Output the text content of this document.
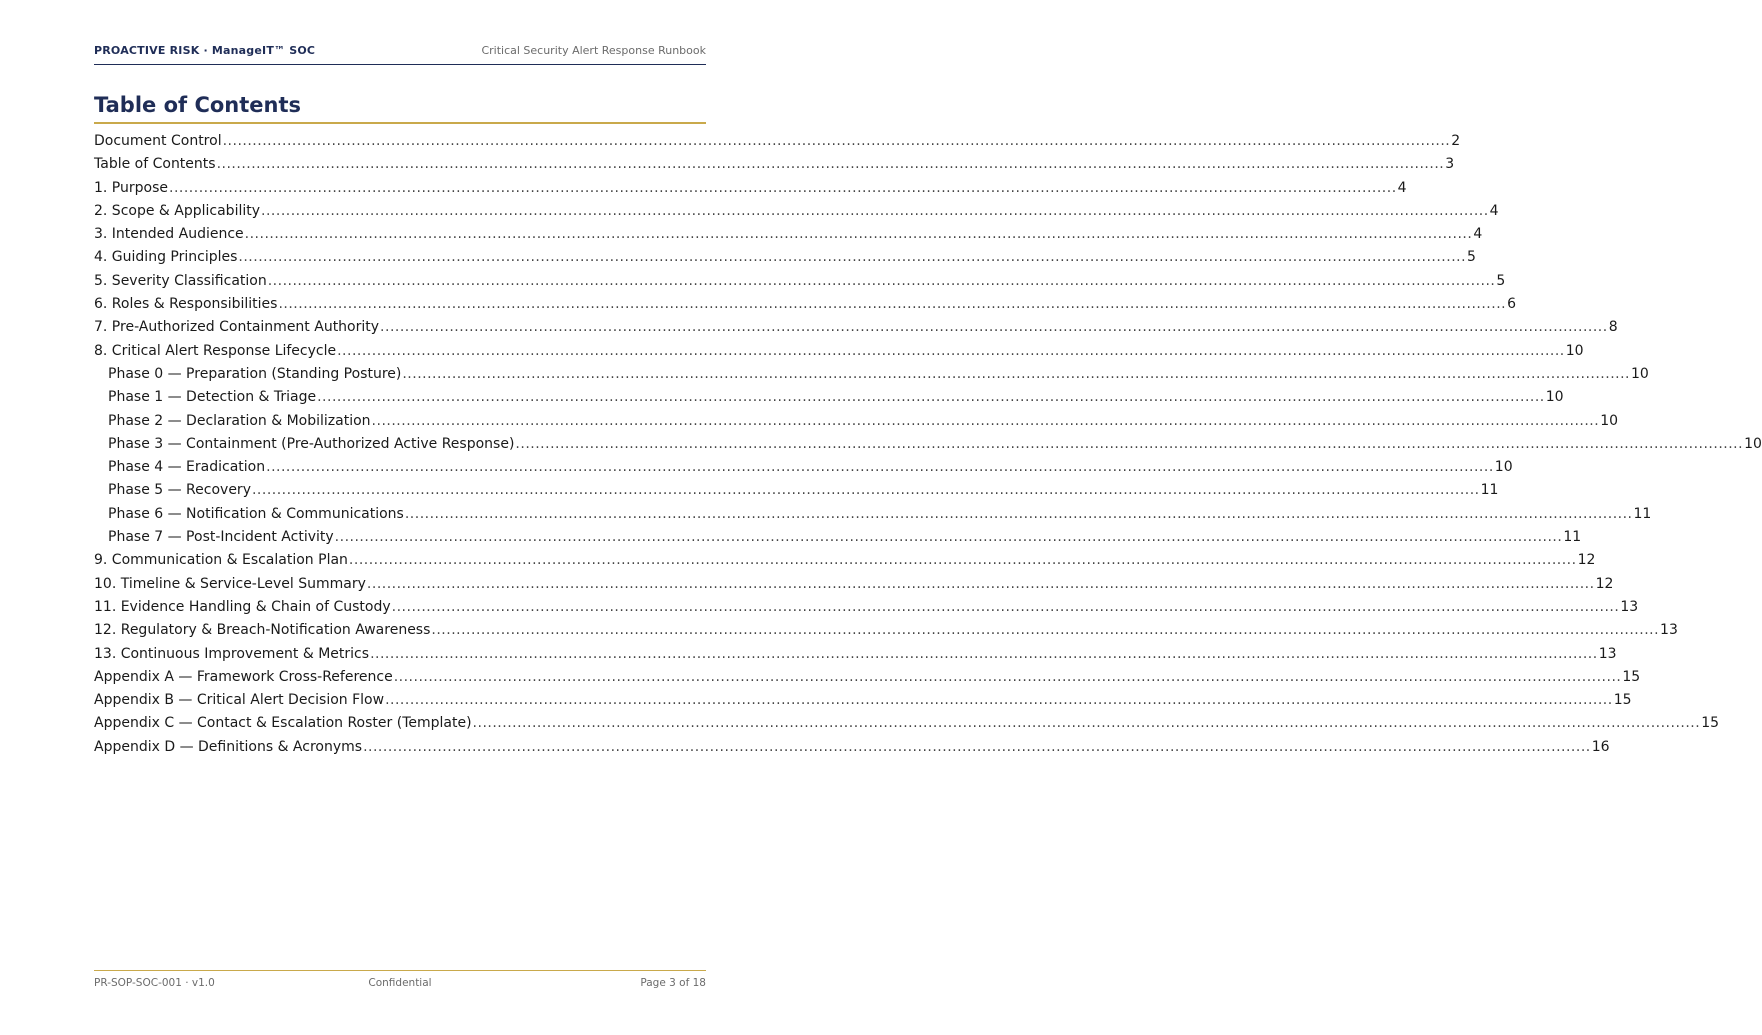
PROACTIVE RISK · ManageIT™ SOC	Critical Security Alert Response Runbook
Table of Contents
Document Control ........................................................................................................................................................................................................................................................ 2
Table of Contents ........................................................................................................................................................................................................................................................ 3
1. Purpose ........................................................................................................................................................................................................................................................ 4
2. Scope & Applicability ........................................................................................................................................................................................................................................................ 4
3. Intended Audience ........................................................................................................................................................................................................................................................ 4
4. Guiding Principles ........................................................................................................................................................................................................................................................ 5
5. Severity Classification ........................................................................................................................................................................................................................................................ 5
6. Roles & Responsibilities ........................................................................................................................................................................................................................................................ 6
7. Pre-Authorized Containment Authority ........................................................................................................................................................................................................................................................ 8
8. Critical Alert Response Lifecycle ........................................................................................................................................................................................................................................................ 10
Phase 0 — Preparation (Standing Posture) ........................................................................................................................................................................................................................................................ 10
Phase 1 — Detection & Triage ........................................................................................................................................................................................................................................................ 10
Phase 2 — Declaration & Mobilization ........................................................................................................................................................................................................................................................ 10
Phase 3 — Containment (Pre-Authorized Active Response) ........................................................................................................................................................................................................................................................ 10
Phase 4 — Eradication ........................................................................................................................................................................................................................................................ 10
Phase 5 — Recovery ........................................................................................................................................................................................................................................................ 11
Phase 6 — Notification & Communications ........................................................................................................................................................................................................................................................ 11
Phase 7 — Post-Incident Activity ........................................................................................................................................................................................................................................................ 11
9. Communication & Escalation Plan ........................................................................................................................................................................................................................................................ 12
10. Timeline & Service-Level Summary ........................................................................................................................................................................................................................................................ 12
11. Evidence Handling & Chain of Custody ........................................................................................................................................................................................................................................................ 13
12. Regulatory & Breach-Notification Awareness ........................................................................................................................................................................................................................................................ 13
13. Continuous Improvement & Metrics ........................................................................................................................................................................................................................................................ 13
Appendix A — Framework Cross-Reference ........................................................................................................................................................................................................................................................ 15
Appendix B — Critical Alert Decision Flow ........................................................................................................................................................................................................................................................ 15
Appendix C — Contact & Escalation Roster (Template) ........................................................................................................................................................................................................................................................ 15
Appendix D — Definitions & Acronyms ........................................................................................................................................................................................................................................................ 16
PR-SOP-SOC-001 · v1.0	Confidential	Page 3 of 18
